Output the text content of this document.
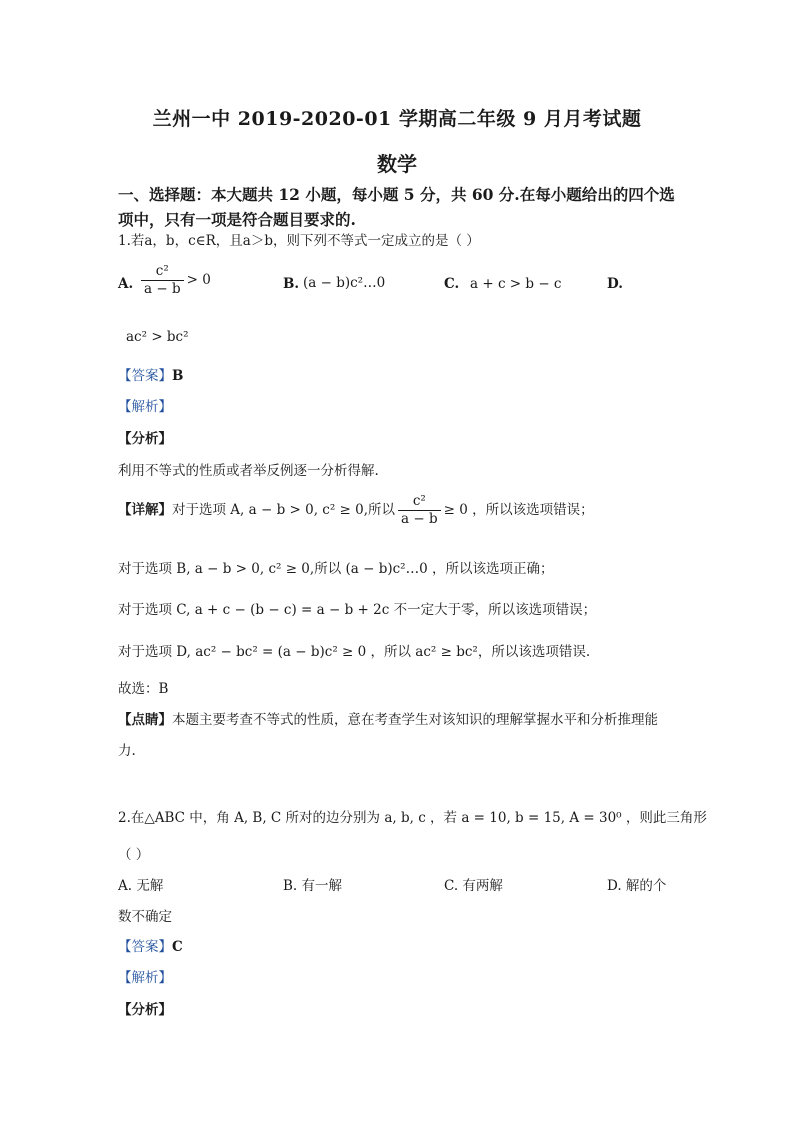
兰州一中 2019-2020-01 学期高二年级 9 月月考试题
数学
一、选择题：本大题共 12 小题，每小题 5 分，共 60 分.在每小题给出的四个选项中，只有一项是符合题目要求的.
1.若a，b，c∈R，且a＞b，则下列不等式一定成立的是（ ）
A. $\frac{\text{c²}}{a - b} > 0$	B. (a − b)c²…0	C. a + c > b − c	D.
ac² > bc²
【答案】B
【解析】
【分析】
利用不等式的性质或者举反例逐一分析得解.
【详解】对于选项 A, a − b > 0, c² ≥ 0,所以 $\frac{\text{c²}}{a - b} \ge 0$ ，所以该选项错误；
对于选项 B, a − b > 0, c² ≥ 0,所以 (a − b)c²…0 ，所以该选项正确；
对于选项 C, a + c − (b − c) = a − b + 2c 不一定大于零，所以该选项错误；
对于选项 D, ac² − bc² = (a − b)c² ≥ 0 ，所以 ac² ≥ bc²，所以该选项错误.
故选：B
【点睛】本题主要考查不等式的性质，意在考查学生对该知识的理解掌握水平和分析推理能
力.
2.在△ABC 中，角 A, B, C 所对的边分别为 a, b, c ，若 a = 10, b = 15, A = 30⁰ ，则此三角形
（ ）
A. 无解	B. 有一解	C. 有两解	D. 解的个
数不确定
【答案】C
【解析】
【分析】
